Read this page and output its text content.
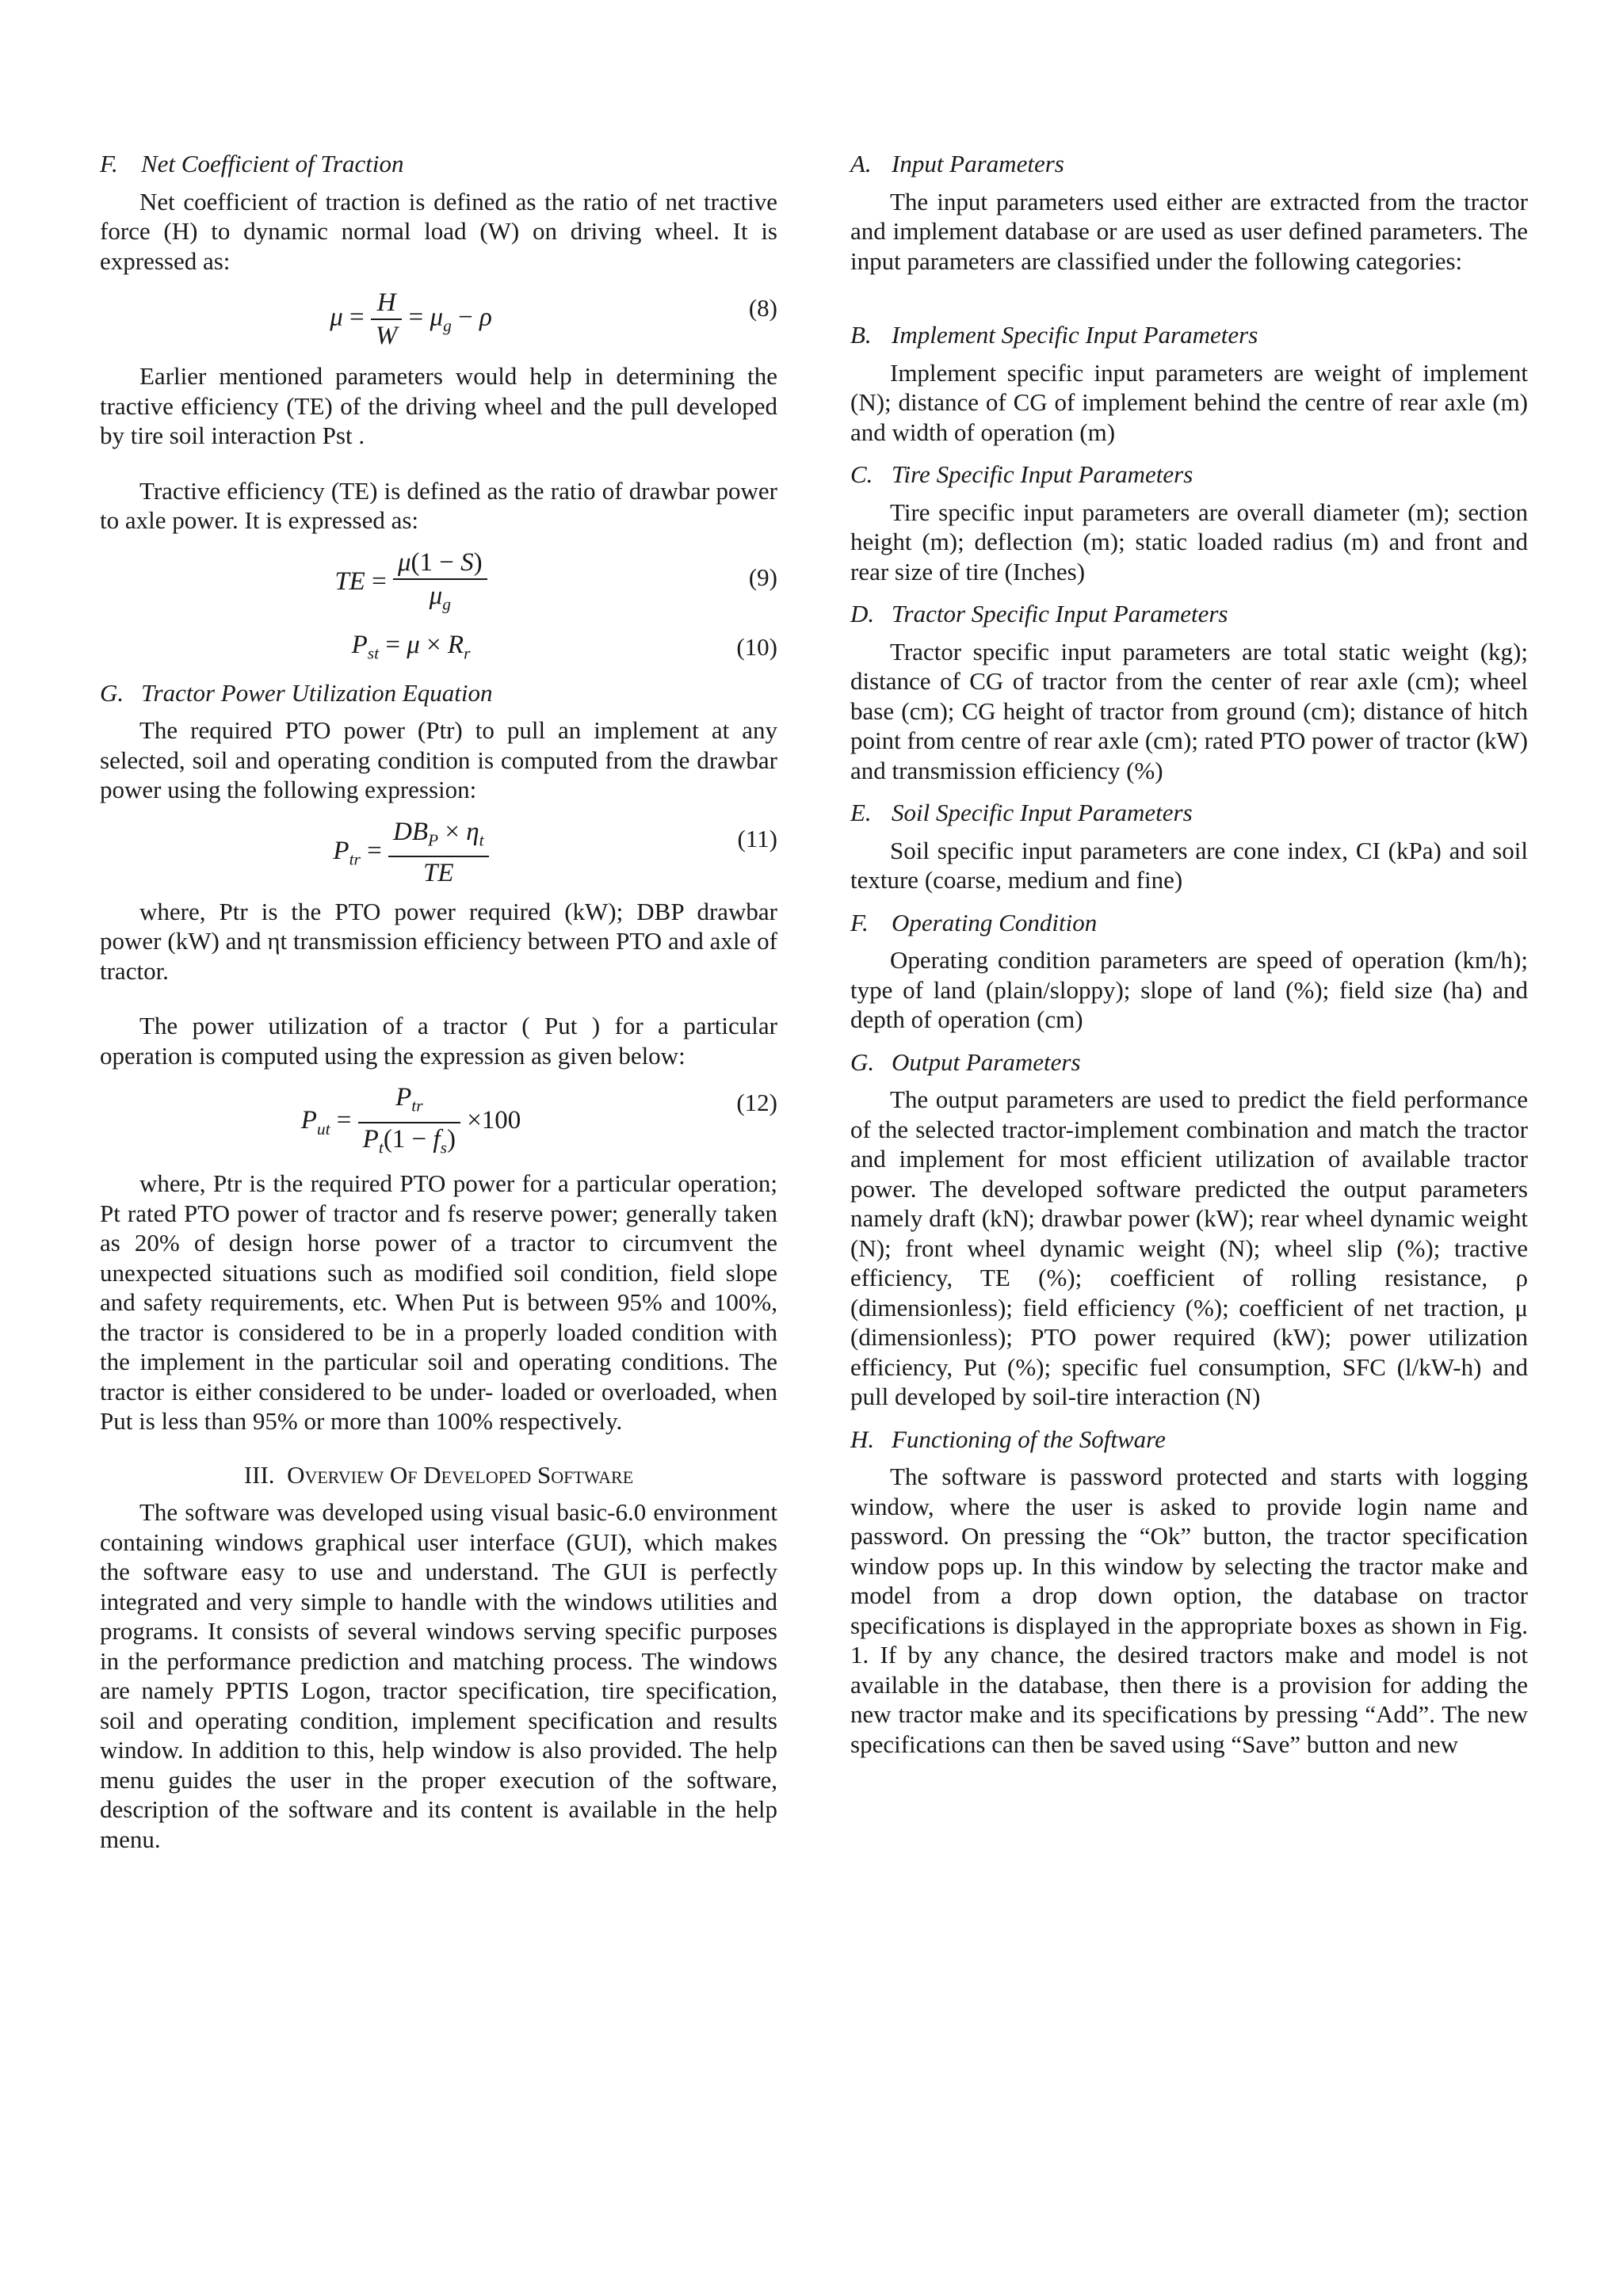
F. Net Coefficient of Traction

Net coefficient of traction is defined as the ratio of net tractive force (H) to dynamic normal load (W) on driving wheel. It is expressed as:

$\mu = \frac{H}{W} = \mu_g - \rho$	(8)

Earlier mentioned parameters would help in determining the tractive efficiency (TE) of the driving wheel and the pull developed by tire soil interaction Pst .

Tractive efficiency (TE) is defined as the ratio of drawbar power to axle power. It is expressed as:

TE = $\frac{\mu(1 - S)}{\mu_g}$	(9)
$P_{st} = \mu \times R_r$	(10)
G. Tractor Power Utilization Equation

The required PTO power (Ptr) to pull an implement at any selected, soil and operating condition is computed from the drawbar power using the following expression:

$P_{tr} = \frac{DB_P \times \eta_t}{TE}$	(11)

where, Ptr is the PTO power required (kW); DBP drawbar power (kW) and ηt transmission efficiency between PTO and axle of tractor.

The power utilization of a tractor ( Put ) for a particular operation is computed using the expression as given below:

$P_{ut} = \frac{P_{tr}}{P_t(1 - f_s)} \times 100$
(12)

where, Ptr is the required PTO power for a particular operation; Pt rated PTO power of tractor and fs reserve power; generally taken as 20% of design horse power of a tractor to circumvent the unexpected situations such as modified soil condition, field slope and safety requirements, etc. When Put is between 95% and 100%, the tractor is considered to be in a properly loaded condition with the implement in the particular soil and operating conditions. The tractor is either considered to be under- loaded or overloaded, when Put is less than 95% or more than 100% respectively.

III. Overview Of Developed Software

The software was developed using visual basic-6.0 environment containing windows graphical user interface (GUI), which makes the software easy to use and understand. The GUI is perfectly integrated and very simple to handle with the windows utilities and programs. It consists of several windows serving specific purposes in the performance prediction and matching process. The windows are namely PPTIS Logon, tractor specification, tire specification, soil and operating condition, implement specification and results window. In addition to this, help window is also provided. The help menu guides the user in the proper execution of the software, description of the software and its content is available in the help menu.

A. Input Parameters

The input parameters used either are extracted from the tractor and implement database or are used as user defined parameters. The input parameters are classified under the following categories:

B. Implement Specific Input Parameters

Implement specific input parameters are weight of implement (N); distance of CG of implement behind the centre of rear axle (m) and width of operation (m)

C. Tire Specific Input Parameters

Tire specific input parameters are overall diameter (m); section height (m); deflection (m); static loaded radius (m) and front and rear size of tire (Inches)

D. Tractor Specific Input Parameters

Tractor specific input parameters are total static weight (kg); distance of CG of tractor from the center of rear axle (cm); wheel base (cm); CG height of tractor from ground (cm); distance of hitch point from centre of rear axle (cm); rated PTO power of tractor (kW) and transmission efficiency (%)

E. Soil Specific Input Parameters

Soil specific input parameters are cone index, CI (kPa) and soil texture (coarse, medium and fine)

F. Operating Condition

Operating condition parameters are speed of operation (km/h); type of land (plain/sloppy); slope of land (%); field size (ha) and depth of operation (cm)

G. Output Parameters

The output parameters are used to predict the field performance of the selected tractor-implement combination and match the tractor and implement for most efficient utilization of available tractor power. The developed software predicted the output parameters namely draft (kN); drawbar power (kW); rear wheel dynamic weight (N); front wheel dynamic weight (N); wheel slip (%); tractive efficiency, TE (%); coefficient of rolling resistance, ρ (dimensionless); field efficiency (%); coefficient of net traction, μ (dimensionless); PTO power required (kW); power utilization efficiency, Put (%); specific fuel consumption, SFC (l/kW-h) and pull developed by soil-tire interaction (N)

H. Functioning of the Software

The software is password protected and starts with logging window, where the user is asked to provide login name and password. On pressing the “Ok” button, the tractor specification window pops up. In this window by selecting the tractor make and model from a drop down option, the database on tractor specifications is displayed in the appropriate boxes as shown in Fig. 1. If by any chance, the desired tractors make and model is not available in the database, then there is a provision for adding the new tractor make and its specifications by pressing “Add”. The new specifications can then be saved using “Save” button and new
